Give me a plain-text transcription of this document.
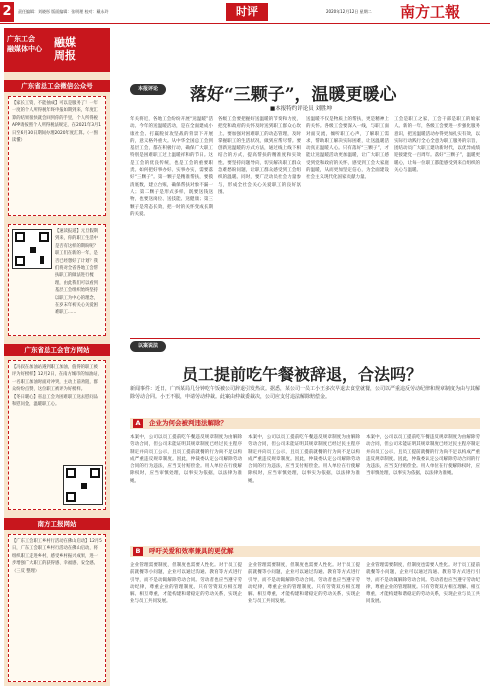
2	责任编辑：刘晓彤 版面编辑：张明理 校对：戴永玲	时评	2020年12月12日 星期二 南方工報
广东工会
融媒体中心 融媒
周报
广东省总工会微信公众号
【家长工资，不能抽成】可以是服务了！一年一度的个人所得税年终申报如期到来，年度汇算的结果很快就会回到你的手里，个人所得税APP请按照个人所得税法规定，在2021年3月1日至6月30日期间办理2020年度汇算。（一图读懂）
【速读报道】元旦假期到来，你的职工生活中是否有这样的期盼呢？职工们在新的一年，是否已经想好了计划？我们将对全省各地工会帮扶职工的做法进行梳理，由此我们可以看到基层工会组织始终坚持以职工为中心的理念，在岁末年初关心关爱困难职工……
广东省总工会官方网站
【冯叔在加油站遇到职工加油，值得的职工被评为好榜样】12月2日，在南方城市的加油站，一名职工加油时面对冲突，主动上前劝阻，群众纷纷点赞，这位职工被评为好榜样。
【冬日暖心】省总工会为困难职工送去慰问品和慰问金，温暖职工心。
南方工报网站
【广东工会职工乡村行活动在佛山启动】12月5日，广东工会职工乡村行活动在佛山启动，将组织职工走进乡村，感受乡村振兴成果，进一步增强广大职工的获得感、幸福感、安全感。（三反 整理）
本报评论	落好“三颗子”，温暖更暖心
■本报特约评论员 刘胜坤
年关将近，各地工会纷纷开展“送温暖”活动。今年的送温暖活动，是在全面建成小康社会、打赢脱贫攻坚战的背景下开展的，意义格外重大。从中华全国总工会到基层工会，都在积极行动，确保广大职工特别是困难职工过上温暖祥和的节日。这是工会的优良传统，也是工会的重要职责。如何把好事办好、实事办实，需要落好“三颗子”。第一颗子是精准帮扶，要摸清底数，建立台账，确保帮扶对象不漏一人；第二颗子是形式多样，既要送钱送物，也要送岗位、送技能、送健康；第三颗子是常态长效，把一时的关怀变成长期的关爱。
各级工会要把握好送温暖的节奏和力度，把党和政府的关怀及时送到职工群众心坎上。要加强对困难职工的动态管理，及时掌握职工的生活状况，做到应帮尽帮。要创新送温暖的方式方法，通过线上线下相结合的方式，提高帮扶的精准度和实效性。要坚持问题导向，切实解决职工群众急难愁盼问题，让职工群众感受到工会组织的温暖。同时，要广泛动员社会力量参与，形成全社会关心关爱职工的良好氛围。
送温暖不仅是物质上的帮扶，更是精神上的关怀。各级工会要深入一线，与职工面对面交流，倾听职工心声，了解职工需求，帮助职工解决实际困难，让送温暖活动真正温暖人心。只有落好“三颗子”，才能让送温暖活动更加温暖，让广大职工感受到党和政府的关怀，感受到工会大家庭的温暖，从而更加坚定信心，为全面建设社会主义现代化国家贡献力量。
工会是职工之家，工会干部是职工的娘家人。新的一年，各级工会要进一步强化服务意识，把送温暖活动办得更加扎实有效，以实际行动践行全心全意为职工服务的宗旨，团结动员广大职工建功新时代，以优异成绩迎接建党一百周年。落好“三颗子”，温暖更暖心，让每一位职工都能感受到来自组织的关心与温暖。
以案说法
员工提前吃午餐被辞退，合法吗？
新闻事件：近日，广西某局几分钟吃午饭被公司辞退引发热议。据悉，某公司一员工小王多次早退去食堂就餐，公司以严重违反劳动纪律和规章制度为由与其解除劳动合同。小王不服，申请劳动仲裁。此案由仲裁委裁决，公司应支付违法解除赔偿金。
A	企业为何会被判违法解除？
本案中，公司以员工提前吃午餐违反规章制度为由解除劳动合同，但公司未能证明其规章制度已经过民主程序制定并向员工公示，且员工提前就餐的行为尚不足以构成严重违反规章制度。因此，仲裁委认定公司解除劳动合同的行为违法，应当支付赔偿金。用人单位在行使解除权时，应当审慎处理，以事实为依据，以法律为准绳。
本案中，公司以员工提前吃午餐违反规章制度为由解除劳动合同，但公司未能证明其规章制度已经过民主程序制定并向员工公示，且员工提前就餐的行为尚不足以构成严重违反规章制度。因此，仲裁委认定公司解除劳动合同的行为违法，应当支付赔偿金。用人单位在行使解除权时，应当审慎处理，以事实为依据，以法律为准绳。
本案中，公司以员工提前吃午餐违反规章制度为由解除劳动合同，但公司未能证明其规章制度已经过民主程序制定并向员工公示，且员工提前就餐的行为尚不足以构成严重违反规章制度。因此，仲裁委认定公司解除劳动合同的行为违法，应当支付赔偿金。用人单位在行使解除权时，应当审慎处理，以事实为依据，以法律为准绳。
B	呼吁关爱和效率兼具的更优解
企业管理需要制度，但制度也需要人性化。对于员工提前就餐等小问题，企业可以通过沟通、教育等方式进行引导，而不是动辄解除劳动合同。劳动者也应当遵守劳动纪律，尊重企业的管理制度。只有劳资双方相互理解、相互尊重，才能构建和谐稳定的劳动关系，实现企业与员工共同发展。
企业管理需要制度，但制度也需要人性化。对于员工提前就餐等小问题，企业可以通过沟通、教育等方式进行引导，而不是动辄解除劳动合同。劳动者也应当遵守劳动纪律，尊重企业的管理制度。只有劳资双方相互理解、相互尊重，才能构建和谐稳定的劳动关系，实现企业与员工共同发展。
企业管理需要制度，但制度也需要人性化。对于员工提前就餐等小问题，企业可以通过沟通、教育等方式进行引导，而不是动辄解除劳动合同。劳动者也应当遵守劳动纪律，尊重企业的管理制度。只有劳资双方相互理解、相互尊重，才能构建和谐稳定的劳动关系，实现企业与员工共同发展。
